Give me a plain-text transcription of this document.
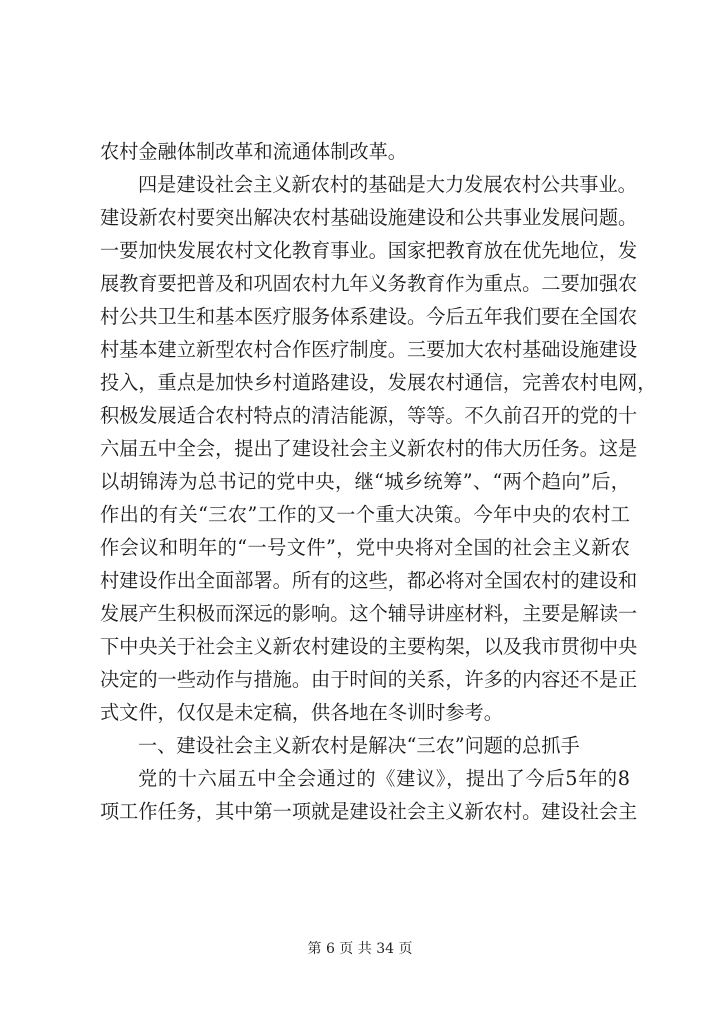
农村金融体制改革和流通体制改革。
四是建设社会主义新农村的基础是大力发展农村公共事业。
建设新农村要突出解决农村基础设施建设和公共事业发展问题。
一要加快发展农村文化教育事业。国家把教育放在优先地位，发
展教育要把普及和巩固农村九年义务教育作为重点。二要加强农
村公共卫生和基本医疗服务体系建设。今后五年我们要在全国农
村基本建立新型农村合作医疗制度。三要加大农村基础设施建设
投入，重点是加快乡村道路建设，发展农村通信，完善农村电网，
积极发展适合农村特点的清洁能源，等等。不久前召开的党的十
六届五中全会，提出了建设社会主义新农村的伟大历任务。这是
以胡锦涛为总书记的党中央，继“城乡统筹”、“两个趋向”后，
作出的有关“三农”工作的又一个重大决策。今年中央的农村工
作会议和明年的“一号文件”，党中央将对全国的社会主义新农
村建设作出全面部署。所有的这些，都必将对全国农村的建设和
发展产生积极而深远的影响。这个辅导讲座材料，主要是解读一
下中央关于社会主义新农村建设的主要构架，以及我市贯彻中央
决定的一些动作与措施。由于时间的关系，许多的内容还不是正
式文件，仅仅是未定稿，供各地在冬训时参考。
一、建设社会主义新农村是解决“三农”问题的总抓手
党的十六届五中全会通过的《建议》，提出了今后5年的8
项工作任务，其中第一项就是建设社会主义新农村。建设社会主
第 6 页 共 34 页
